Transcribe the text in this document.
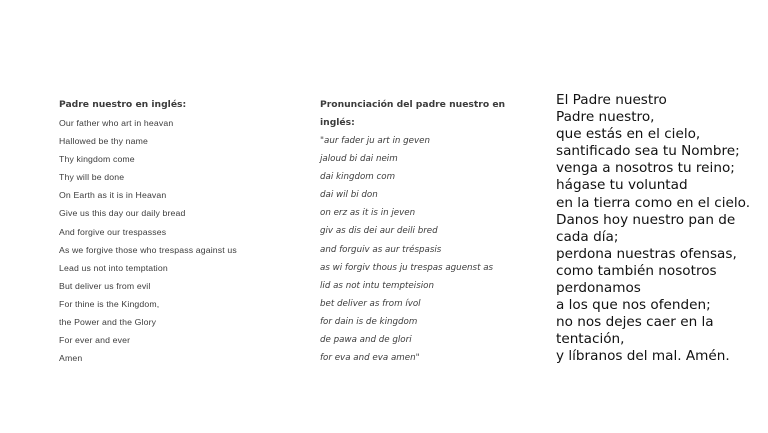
Padre nuestro en inglés:
Our father who art in heavan
Hallowed be thy name
Thy kingdom come
Thy will be done
On Earth as it is in Heavan
Give us this day our daily bread
And forgive our trespasses
As we forgive those who trespass against us
Lead us not into temptation
But deliver us from evil
For thine is the Kingdom,
the Power and the Glory
For ever and ever
Amen
Pronunciación del padre nuestro en inglés:
"aur fader ju art in geven
jaloud bi dai neim
dai kingdom com
dai wil bi don
on erz as it is in jeven
giv as dis dei aur deili bred
and forguiv as aur tréspasis
as wi forgiv thous ju trespas aguenst as
lid as not intu tempteision
bet deliver as from ívol
for dain is de kingdom
de pawa and de glori
for eva and eva amen"
El Padre nuestro
Padre nuestro,
que estás en el cielo,
santificado sea tu Nombre;
venga a nosotros tu reino;
hágase tu voluntad
en la tierra como en el cielo.
Danos hoy nuestro pan de cada día;
perdona nuestras ofensas,
como también nosotros perdonamos
a los que nos ofenden;
no nos dejes caer en la tentación,
y líbranos del mal. Amén.
